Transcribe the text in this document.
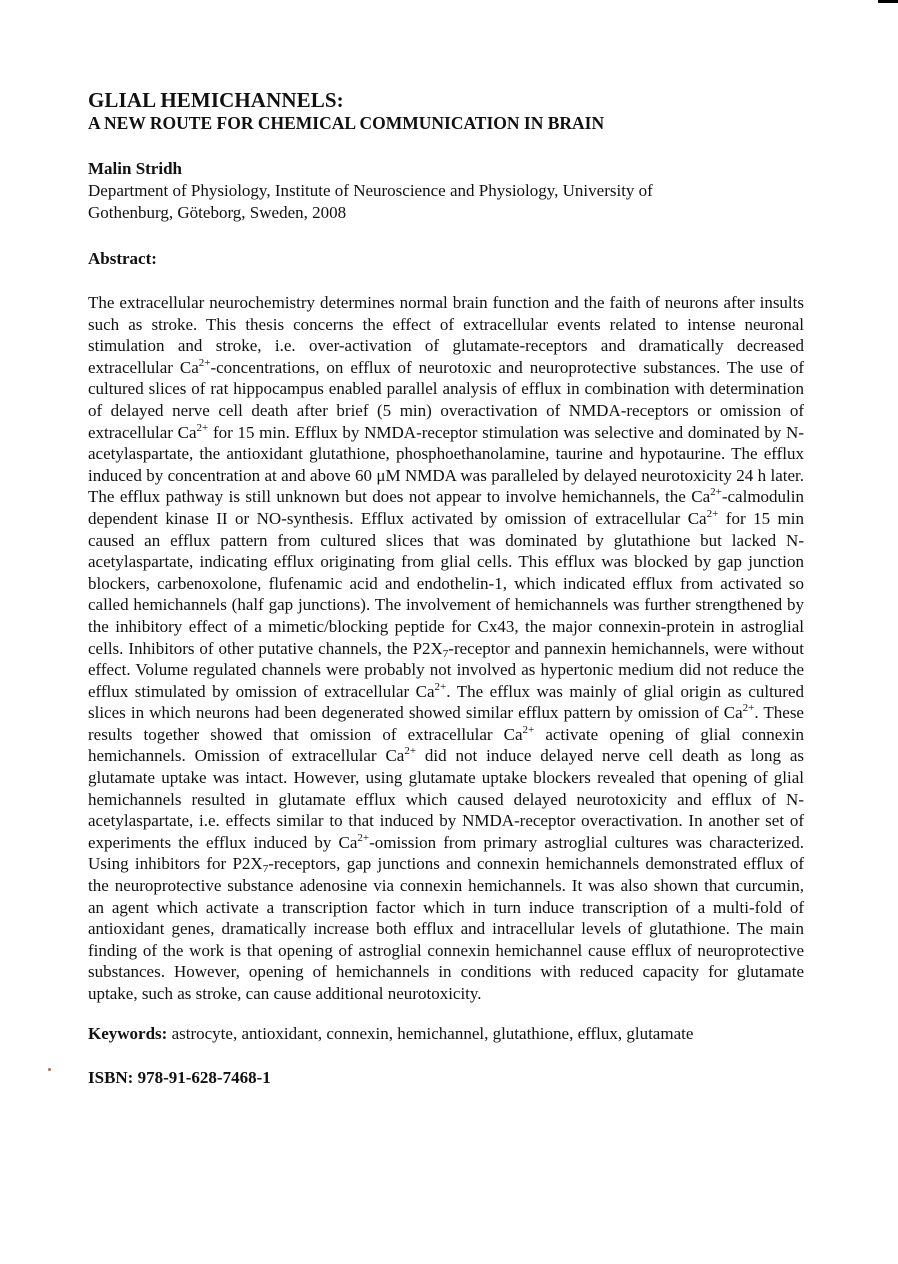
GLIAL HEMICHANNELS:
A NEW ROUTE FOR CHEMICAL COMMUNICATION IN BRAIN
Malin Stridh
Department of Physiology, Institute of Neuroscience and Physiology, University of Gothenburg, Göteborg, Sweden, 2008
Abstract:

The extracellular neurochemistry determines normal brain function and the faith of neurons after insults such as stroke. This thesis concerns the effect of extracellular events related to intense neuronal stimulation and stroke, i.e. over-activation of glutamate-receptors and dramatically decreased extracellular $Ca^{2+}$-concentrations, on efflux of neurotoxic and neuroprotective substances. The use of cultured slices of rat hippocampus enabled parallel analysis of efflux in combination with determination of delayed nerve cell death after brief (5 min) overactivation of NMDA-receptors or omission of extracellular $Ca^{2+}$ for 15 min. Efflux by NMDA-receptor stimulation was selective and dominated by N-acetylaspartate, the antioxidant glutathione, phosphoethanolamine, taurine and hypotaurine. The efflux induced by concentration at and above 60 μM NMDA was paralleled by delayed neurotoxicity 24 h later. The efflux pathway is still unknown but does not appear to involve hemichannels, the $Ca^{2+}$-calmodulin dependent kinase II or NO-synthesis. Efflux activated by omission of extracellular $Ca^{2+}$ for 15 min caused an efflux pattern from cultured slices that was dominated by glutathione but lacked N-acetylaspartate, indicating efflux originating from glial cells. This efflux was blocked by gap junction blockers, carbenoxolone, flufenamic acid and endothelin-1, which indicated efflux from activated so called hemichannels (half gap junctions). The involvement of hemichannels was further strengthened by the inhibitory effect of a mimetic/blocking peptide for Cx43, the major connexin-protein in astroglial cells. Inhibitors of other putative channels, the $P2X_7$-receptor and pannexin hemichannels, were without effect. Volume regulated channels were probably not involved as hypertonic medium did not reduce the efflux stimulated by omission of extracellular $Ca^{2+}$. The efflux was mainly of glial origin as cultured slices in which neurons had been degenerated showed similar efflux pattern by omission of $Ca^{2+}$. These results together showed that omission of extracellular $Ca^{2+}$ activate opening of glial connexin hemichannels. Omission of extracellular $Ca^{2+}$ did not induce delayed nerve cell death as long as glutamate uptake was intact. However, using glutamate uptake blockers revealed that opening of glial hemichannels resulted in glutamate efflux which caused delayed neurotoxicity and efflux of N-acetylaspartate, i.e. effects similar to that induced by NMDA-receptor overactivation. In another set of experiments the efflux induced by $Ca^{2+}$-omission from primary astroglial cultures was characterized. Using inhibitors for $P2X_7$-receptors, gap junctions and connexin hemichannels demonstrated efflux of the neuroprotective substance adenosine via connexin hemichannels. It was also shown that curcumin, an agent which activate a transcription factor which in turn induce transcription of a multi-fold of antioxidant genes, dramatically increase both efflux and intracellular levels of glutathione. The main finding of the work is that opening of astroglial connexin hemichannel cause efflux of neuroprotective substances. However, opening of hemichannels in conditions with reduced capacity for glutamate uptake, such as stroke, can cause additional neurotoxicity.

Keywords: astrocyte, antioxidant, connexin, hemichannel, glutathione, efflux, glutamate
ISBN: 978-91-628-7468-1
